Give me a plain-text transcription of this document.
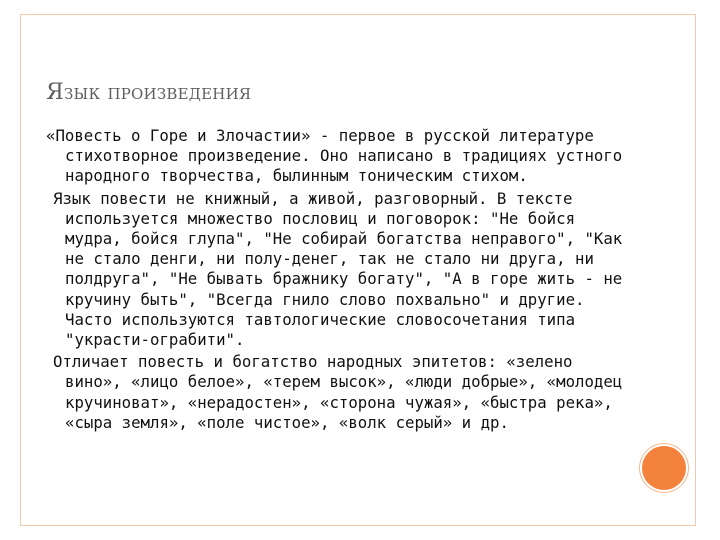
Язык произведения

«Повесть о Горе и Злочастии» - первое в русской литературе стихотворное произведение. Оно написано в традициях устного народного творчества, былинным тоническим стихом.

Язык повести не книжный, а живой, разговорный. В тексте используется множество пословиц и поговорок: "Не бойся мудра, бойся глупа", "Не собирай богатства неправого", "Как не стало денги, ни полу-денег, так не стало ни друга, ни полдруга", "Не бывать бражнику богату", "А в горе жить - не кручину быть", "Всегда гнило слово похвально" и другие. Часто используются тавтологические словосочетания типа "украсти-ограбити".

Отличает повесть и богатство народных эпитетов: «зелено вино», «лицо белое», «терем высок», «люди добрые», «молодец кручиноват», «нерадостен», «сторона чужая», «быстра река», «сыра земля», «поле чистое», «волк серый» и др.
